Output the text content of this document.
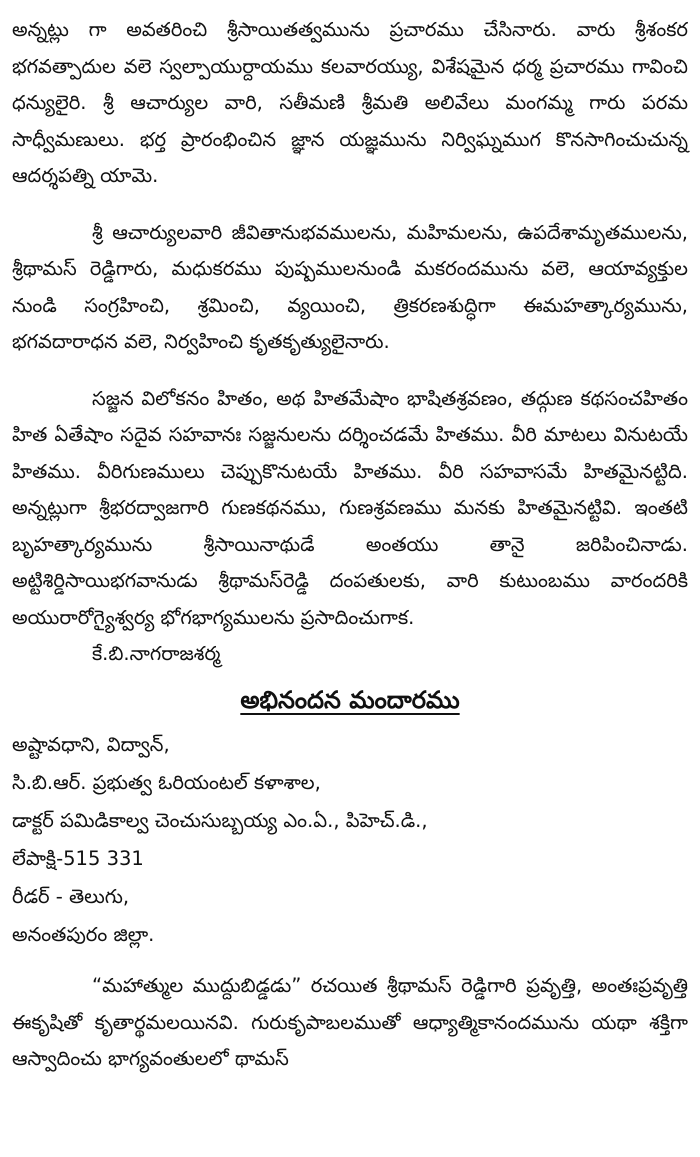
అన్నట్లు గా అవతరించి శ్రీసాయితత్వమును ప్రచారము చేసినారు. వారు శ్రీశంకర భగవత్పాదుల వలె స్వల్పాయుర్దాయము కలవారయ్యు, విశేషమైన ధర్మ ప్రచారము గావించి ధన్యులైరి. శ్రీ ఆచార్యుల వారి, సతీమణి శ్రీమతి అలివేలు మంగమ్మ గారు పరమ సాధ్వీమణులు. భర్త ప్రారంభించిన జ్ఞాన యజ్ఞమును నిర్విఘ్నముగ కొనసాగించుచున్న ఆదర్శపత్ని యామె.

శ్రీ ఆచార్యులవారి జీవితానుభవములను, మహిమలను, ఉపదేశామృతములను, శ్రీథామస్ రెడ్డిగారు, మధుకరము పుష్పములనుండి మకరందమును వలె, ఆయావ్యక్తుల నుండి సంగ్రహించి, శ్రమించి, వ్యయించి, త్రికరణశుద్ధిగా ఈమహత్కార్యమును, భగవదారాధన వలె, నిర్వహించి కృతకృత్యులైనారు.

సజ్జన విలోకనం హితం, అథ హితమేషాం భాషితశ్రవణం, తద్గుణ కథసంచహితం హిత ఏతేషాం సదైవ సహవానః సజ్జనులను దర్శించడమే హితము. వీరి మాటలు వినుటయే హితము. వీరిగుణములు చెప్పుకొనుటయే హితము. వీరి సహవాసమే హితమైనట్టిది. అన్నట్లుగా శ్రీభరద్వాజగారి గుణకథనము, గుణశ్రవణము మనకు హితమైనట్టివి. ఇంతటి బృహత్కార్యమును శ్రీసాయినాథుడే అంతయు తానై జరిపించినాడు. అట్టిశిర్డిసాయిభగవానుడు శ్రీథామస్‌రెడ్డి దంపతులకు, వారి కుటుంబము వారందరికి అయురారోగ్యైశ్వర్య భోగభాగ్యములను ప్రసాదించుగాక.

కే.బి.నాగరాజశర్మ

అభినందన మందారము

అష్టావధాని, విద్వాన్,

సి.బి.ఆర్. ప్రభుత్వ ఓరియంటల్ కళాశాల,

డాక్టర్ పమిడికాల్వ చెంచుసుబ్బయ్య ఎం.ఏ., పిహెచ్.డి.,

లేపాక్షి-515 331

రీడర్ - తెలుగు,

అనంతపురం జిల్లా.

“మహాత్ముల ముద్దుబిడ్డడు” రచయిత శ్రీథామస్ రెడ్డిగారి ప్రవృత్తి, అంతఃప్రవృత్తి ఈకృషితో కృతార్థమలయినవి. గురుకృపాబలముతో ఆధ్యాత్మికానందమును యథా శక్తిగా ఆస్వాదించు భాగ్యవంతులలో థామస్
